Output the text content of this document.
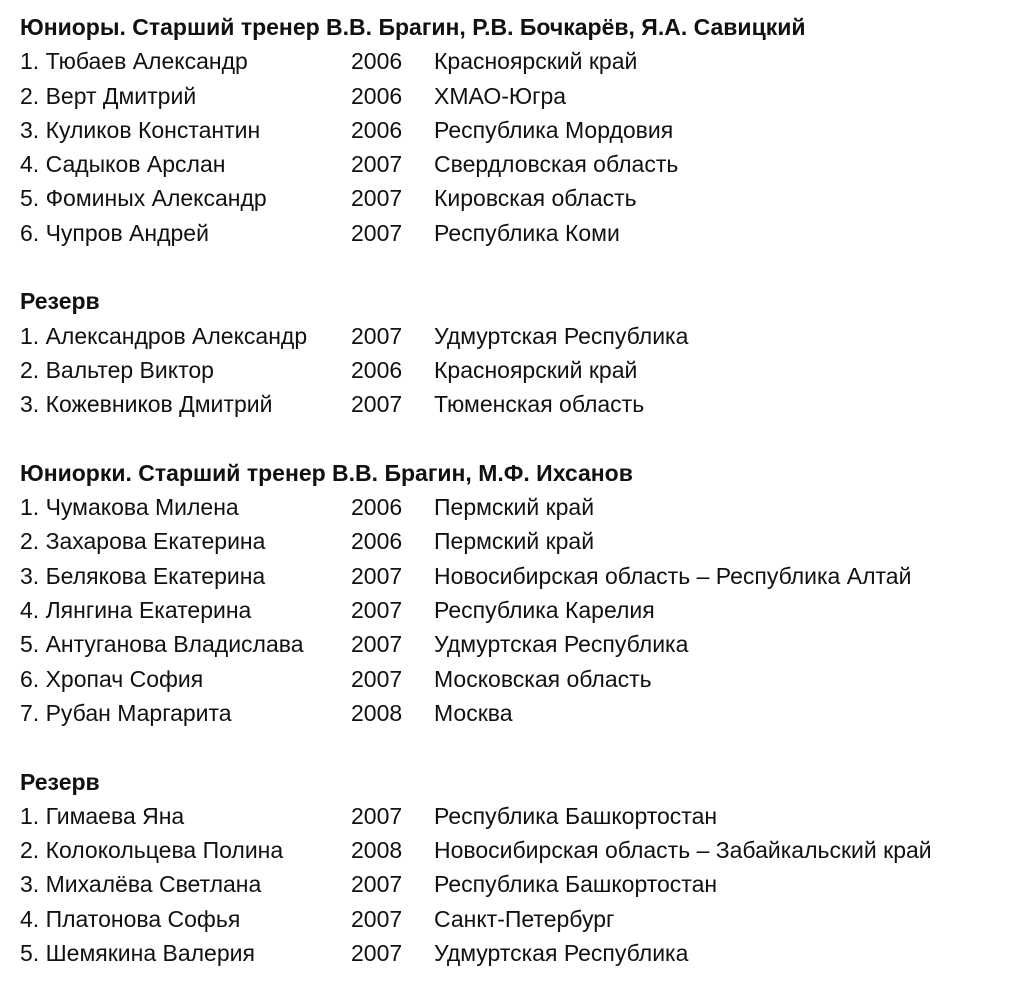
Юниоры. Старший тренер В.В. Брагин, Р.В. Бочкарёв, Я.А. Савицкий
1. Тюбаев Александр	2006 Красноярский край
2. Верт Дмитрий	2006 ХМАО-Югра
3. Куликов Константин	2006 Республика Мордовия
4. Садыков Арслан	2007 Свердловская область
5. Фоминых Александр	2007 Кировская область
6. Чупров Андрей	2007 Республика Коми
Резерв
1. Александров Александр 2007 Удмуртская Республика
2. Вальтер Виктор	2006 Красноярский край
3. Кожевников Дмитрий	2007 Тюменская область
Юниорки. Старший тренер В.В. Брагин, М.Ф. Ихсанов
1. Чумакова Милена	2006 Пермский край
2. Захарова Екатерина	2006 Пермский край
3. Белякова Екатерина	2007 Новосибирская область – Республика Алтай
4. Лянгина Екатерина	2007 Республика Карелия
5. Антуганова Владислава 2007 Удмуртская Республика
6. Хропач София	2007 Московская область
7. Рубан Маргарита	2008 Москва
Резерв
1. Гимаева Яна	2007 Республика Башкортостан
2. Колокольцева Полина	2008 Новосибирская область – Забайкальский край
3. Михалёва Светлана	2007 Республика Башкортостан
4. Платонова Софья	2007 Санкт-Петербург
5. Шемякина Валерия	2007 Удмуртская Республика
